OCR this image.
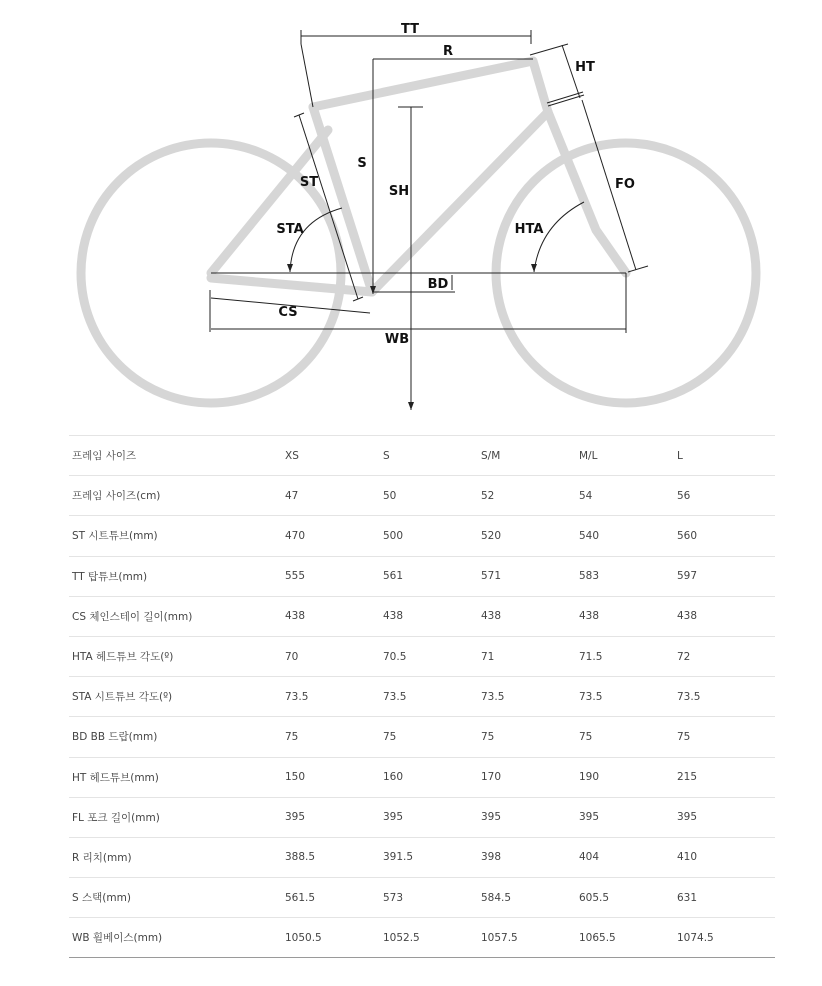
TT
R
HT
S
ST
SH
STA	HTA
FO
BD
CS
WB
프레임 사이즈	XS	S	S/M	M/L	L
프레임 사이즈(cm)	47	50	52	54	56
ST 시트튜브(mm)	470	500	520	540	560
TT 탑튜브(mm)	555	561	571	583	597
CS 체인스테이 길이(mm)	438	438	438	438	438
HTA 헤드튜브 각도(º)	70	70.5	71	71.5	72
STA 시트튜브 각도(º)	73.5	73.5	73.5	73.5	73.5
BD BB 드랍(mm)	75	75	75	75	75
HT 헤드튜브(mm)	150	160	170	190	215
FL 포크 길이(mm)	395	395	395	395	395
R 리치(mm)	388.5	391.5	398	404	410
S 스택(mm)	561.5	573	584.5	605.5	631
WB 휠베이스(mm)	1050.5	1052.5	1057.5	1065.5	1074.5
